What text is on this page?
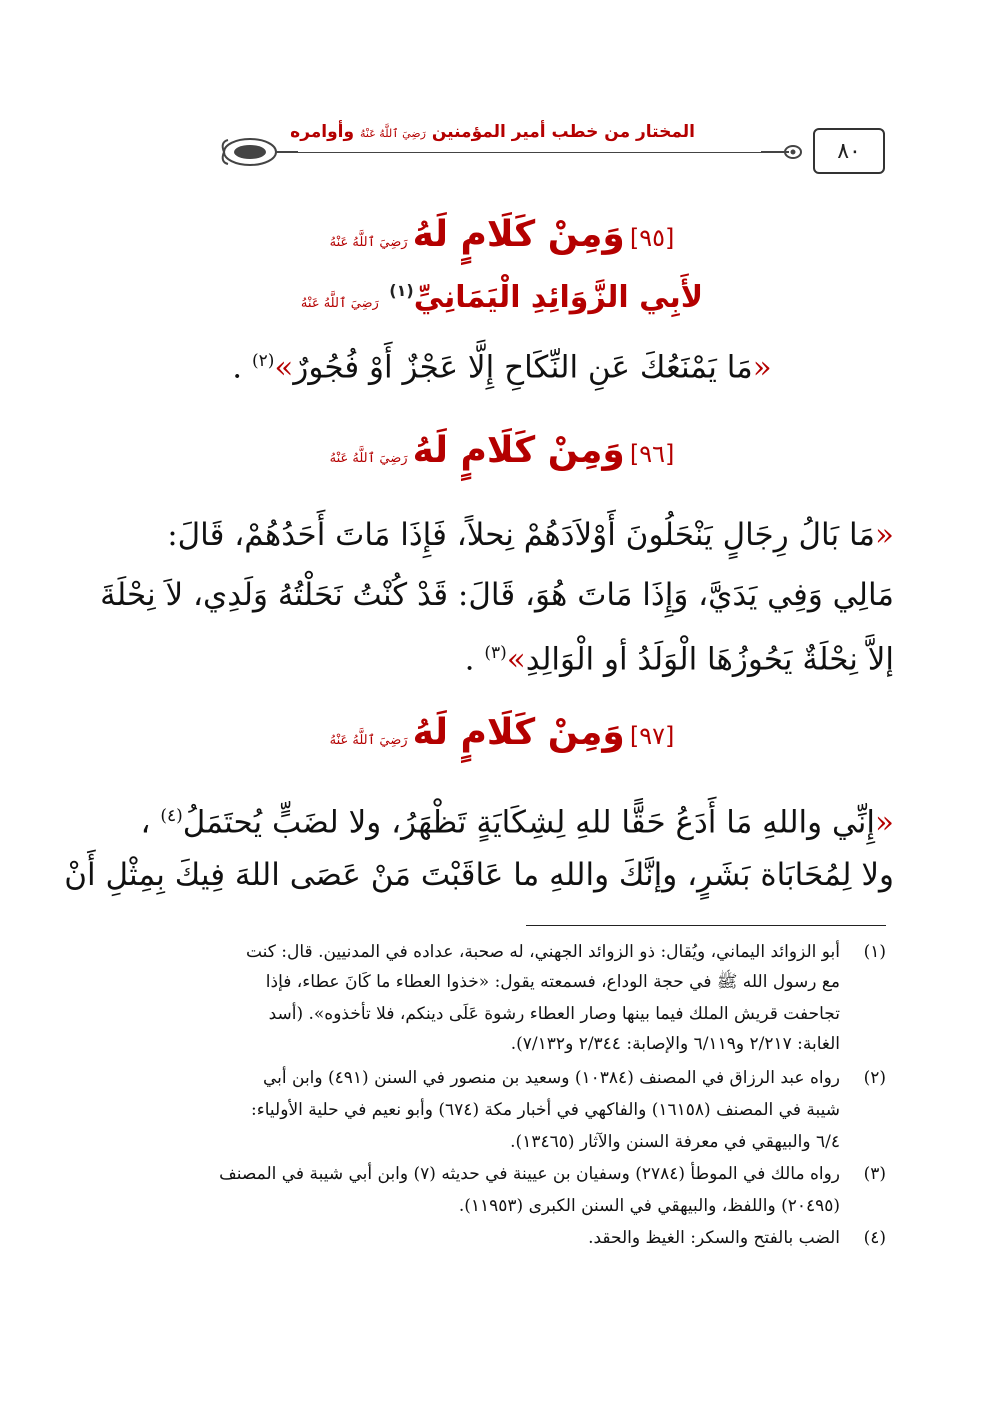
المختار من خطب أمير المؤمنين رَضِيَ ٱللَّهُ عَنْهُ وأوامره
٨٠
[٩٥] وَمِنْ كَلَامٍ لَهُ رَضِيَ ٱللَّهُ عَنْهُ
لأَبِي الزَّوَائِدِ الْيَمَانِيِّ$^{(١)}$ رَضِيَ ٱللَّهُ عَنْهُ
«مَا يَمْنَعُكَ عَنِ النِّكَاحِ إِلَّا عَجْزٌ أَوْ فُجُورٌ»$^{(٢)}$ .
[٩٦] وَمِنْ كَلَامٍ لَهُ رَضِيَ ٱللَّهُ عَنْهُ
«مَا بَالُ رِجَالٍ يَنْحَلُونَ أَوْلاَدَهُمْ نِحلاً، فَإِذَا مَاتَ أَحَدُهُمْ، قَالَ:
مَالِي وَفِي يَدَيَّ، وَإِذَا مَاتَ هُوَ، قَالَ: قَدْ كُنْتُ نَحَلْتُهُ وَلَدِي، لاَ نِحْلَةَ
إلاَّ نِحْلَةٌ يَحُوزُهَا الْوَلَدُ أو الْوَالِدِ»$^{(٣)}$ .
[٩٧] وَمِنْ كَلَامٍ لَهُ رَضِيَ ٱللَّهُ عَنْهُ
«إِنِّي واللهِ مَا أَدَعُ حَقًّا للهِ لِشِكَايَةٍ تَظْهَرُ، ولا لضَبٍّ يُحتَمَلُ$^{(٤)}$ ،
ولا لِمُحَابَاة بَشَرٍ، وإنَّكَ واللهِ ما عَاقَبْتَ مَنْ عَصَى اللهَ فِيكَ بِمِثْلِ أَنْ
(١)أبو الزوائد اليماني، ويُقال: ذو الزوائد الجهني، له صحبة، عداده في المدنيين. قال: كنت
مع رسول الله ﷺ في حجة الوداع، فسمعته يقول: «خذوا العطاء ما كَانَ عطاء، فإذا
تجاحفت قريش الملك فيما بينها وصار العطاء رشوة عَلَى دينكم، فلا تأخذوه». (أسد
الغابة: ٢/٢١٧ و٦/١١٩ والإصابة: ٢/٣٤٤ و٧/١٣٢).
(٢)رواه عبد الرزاق في المصنف (١٠٣٨٤) وسعيد بن منصور في السنن (٤٩١) وابن أبي
شيبة في المصنف (١٦١٥٨) والفاكهي في أخبار مكة (٦٧٤) وأبو نعيم في حلية الأولياء:
٦/٤ والبيهقي في معرفة السنن والآثار (١٣٤٦٥).
(٣)رواه مالك في الموطأ (٢٧٨٤) وسفيان بن عيينة في حديثه (٧) وابن أبي شيبة في المصنف
(٢٠٤٩٥) واللفظ، والبيهقي في السنن الكبرى (١١٩٥٣).
(٤)الضب بالفتح والسكر: الغيظ والحقد.
